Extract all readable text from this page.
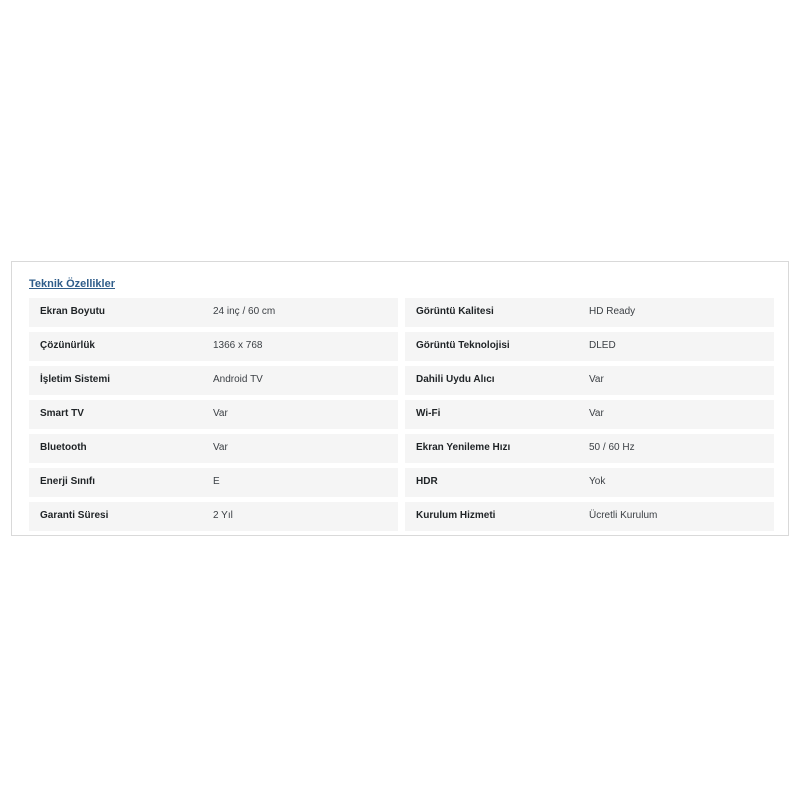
Teknik Özellikler
Ekran Boyutu	24 inç / 60 cm	Görüntü Kalitesi	HD Ready
Çözünürlük	1366 x 768	Görüntü Teknolojisi	DLED
İşletim Sistemi	Android TV	Dahili Uydu Alıcı	Var
Smart TV	Var	Wi-Fi	Var
Bluetooth	Var	Ekran Yenileme Hızı	50 / 60 Hz
Enerji Sınıfı	E	HDR	Yok
Garanti Süresi	2 Yıl	Kurulum Hizmeti	Ücretli Kurulum
